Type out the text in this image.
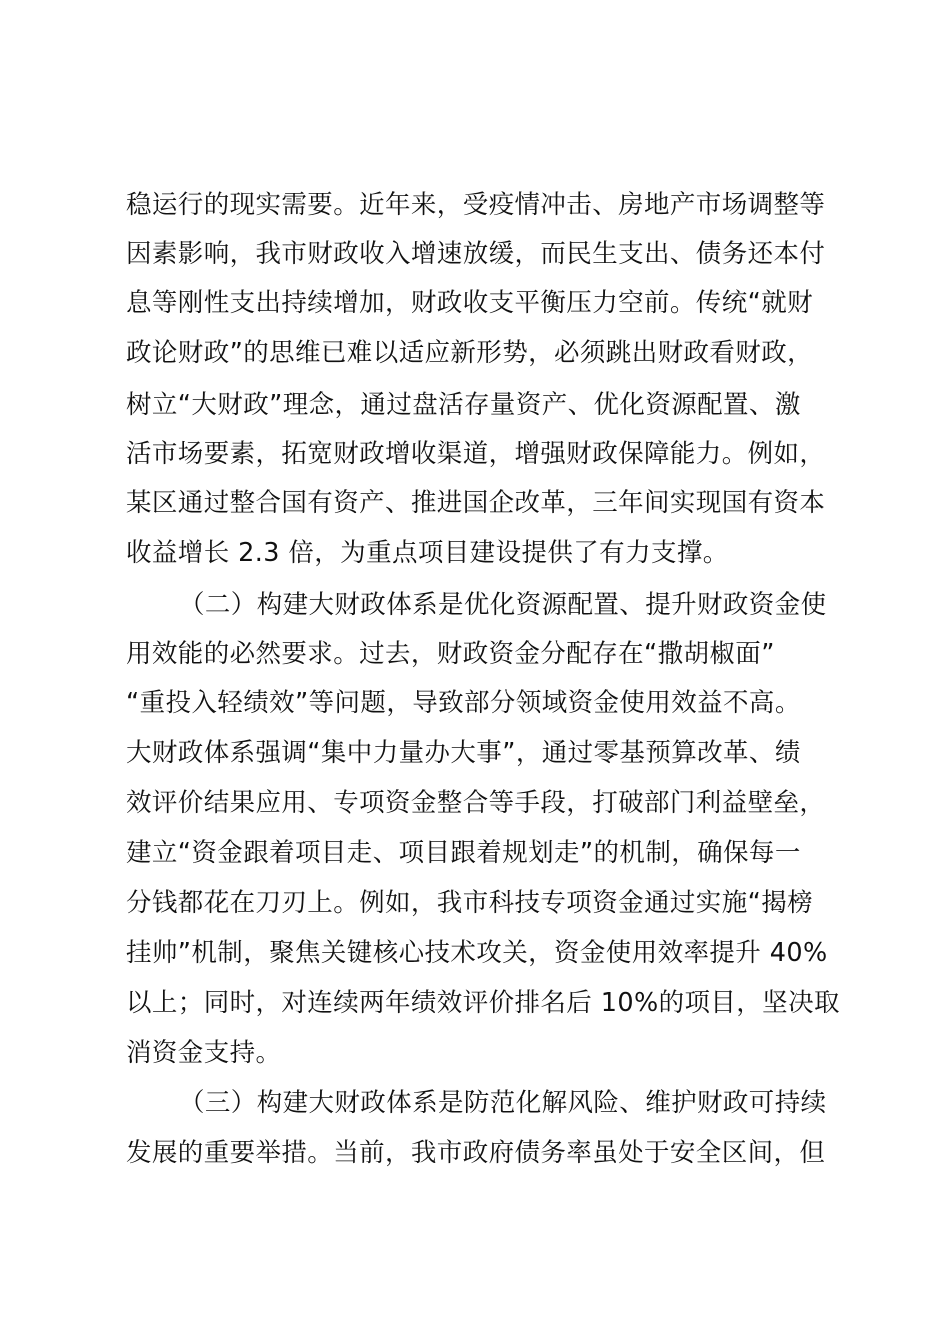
稳运行的现实需要。近年来，受疫情冲击、房地产市场调整等
因素影响，我市财政收入增速放缓，而民生支出、债务还本付
息等刚性支出持续增加，财政收支平衡压力空前。传统“就财
政论财政”的思维已难以适应新形势，必须跳出财政看财政，
树立“大财政”理念，通过盘活存量资产、优化资源配置、激
活市场要素，拓宽财政增收渠道，增强财政保障能力。例如，
某区通过整合国有资产、推进国企改革，三年间实现国有资本
收益增长 2.3 倍，为重点项目建设提供了有力支撑。
（二）构建大财政体系是优化资源配置、提升财政资金使
用效能的必然要求。过去，财政资金分配存在“撒胡椒面”
“重投入轻绩效”等问题，导致部分领域资金使用效益不高。
大财政体系强调“集中力量办大事”，通过零基预算改革、绩
效评价结果应用、专项资金整合等手段，打破部门利益壁垒，
建立“资金跟着项目走、项目跟着规划走”的机制，确保每一
分钱都花在刀刃上。例如，我市科技专项资金通过实施“揭榜
挂帅”机制，聚焦关键核心技术攻关，资金使用效率提升 40%
以上；同时，对连续两年绩效评价排名后 10%的项目，坚决取
消资金支持。
（三）构建大财政体系是防范化解风险、维护财政可持续
发展的重要举措。当前，我市政府债务率虽处于安全区间，但
